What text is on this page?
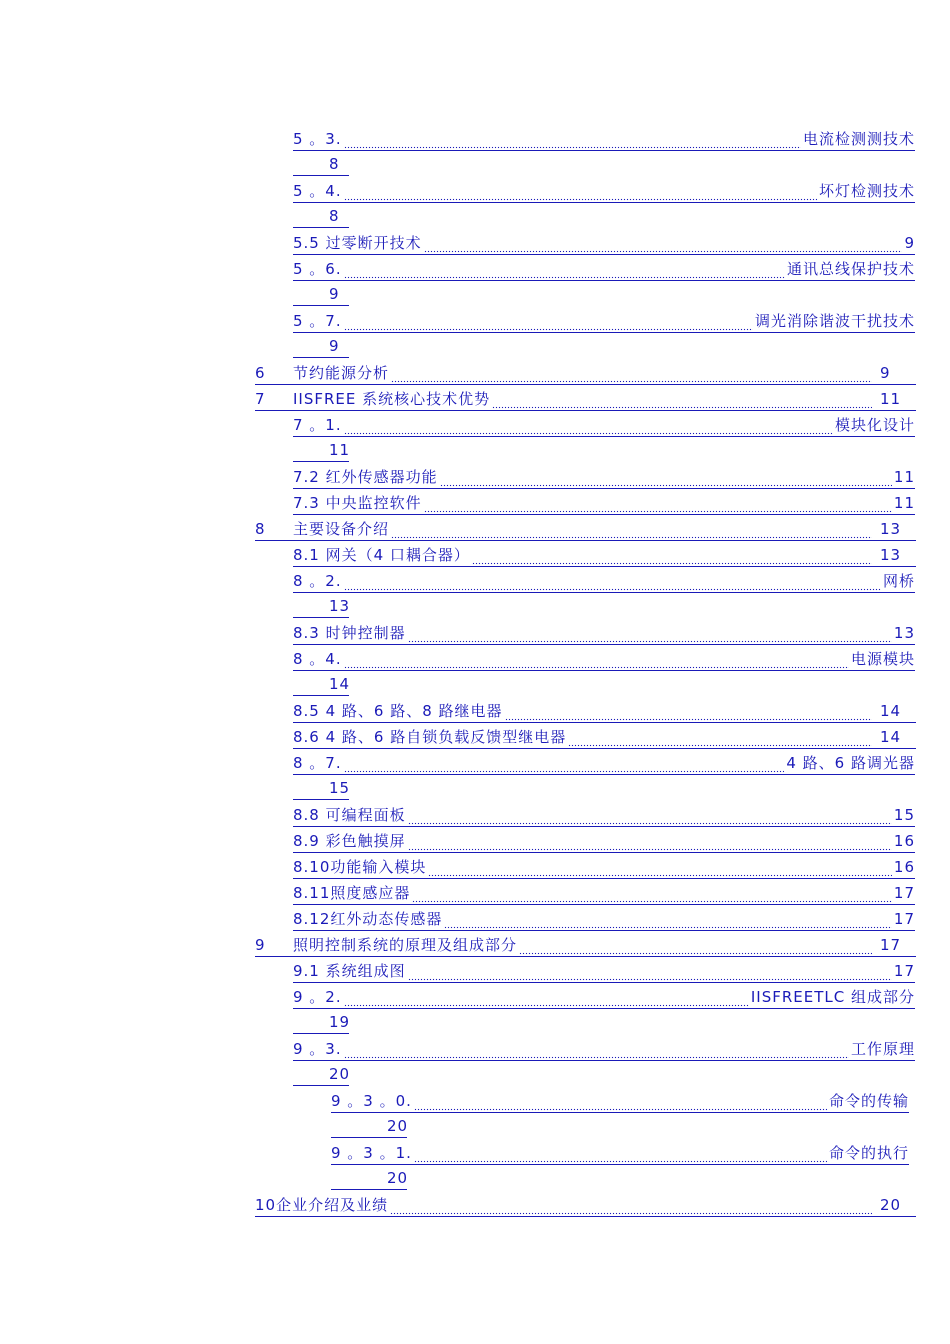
5 。3.	电流检测测技术
8
5 。4.	坏灯检测技术
8
5.5 过零断开技术	9
5 。6.	通讯总线保护技术
9
5 。7.	调光消除谐波干扰技术
9
6	节约能源分析	9
7	IISFREE 系统核心技术优势	11
7 。1.	模块化设计
11
7.2 红外传感器功能	11
7.3 中央监控软件	11
8	主要设备介绍	13
8.1 网关（4 口耦合器）	13
8 。2.	网桥
13
8.3 时钟控制器	13
8 。4.	电源模块
14
8.5 4 路、6 路、8 路继电器	14
8.6 4 路、6 路自锁负载反馈型继电器	14
8 。7.	4 路、6 路调光器
15
8.8 可编程面板	15
8.9 彩色触摸屏	16
8.10功能输入模块	16
8.11照度感应器	17
8.12红外动态传感器	17
9	照明控制系统的原理及组成部分	17
9.1 系统组成图	17
9 。2.	IISFREETLC 组成部分
19
9 。3.	工作原理
20
9 。3 。0.	命令的传输
20
9 。3 。1.	命令的执行
20
10 企业介绍及业绩	20
